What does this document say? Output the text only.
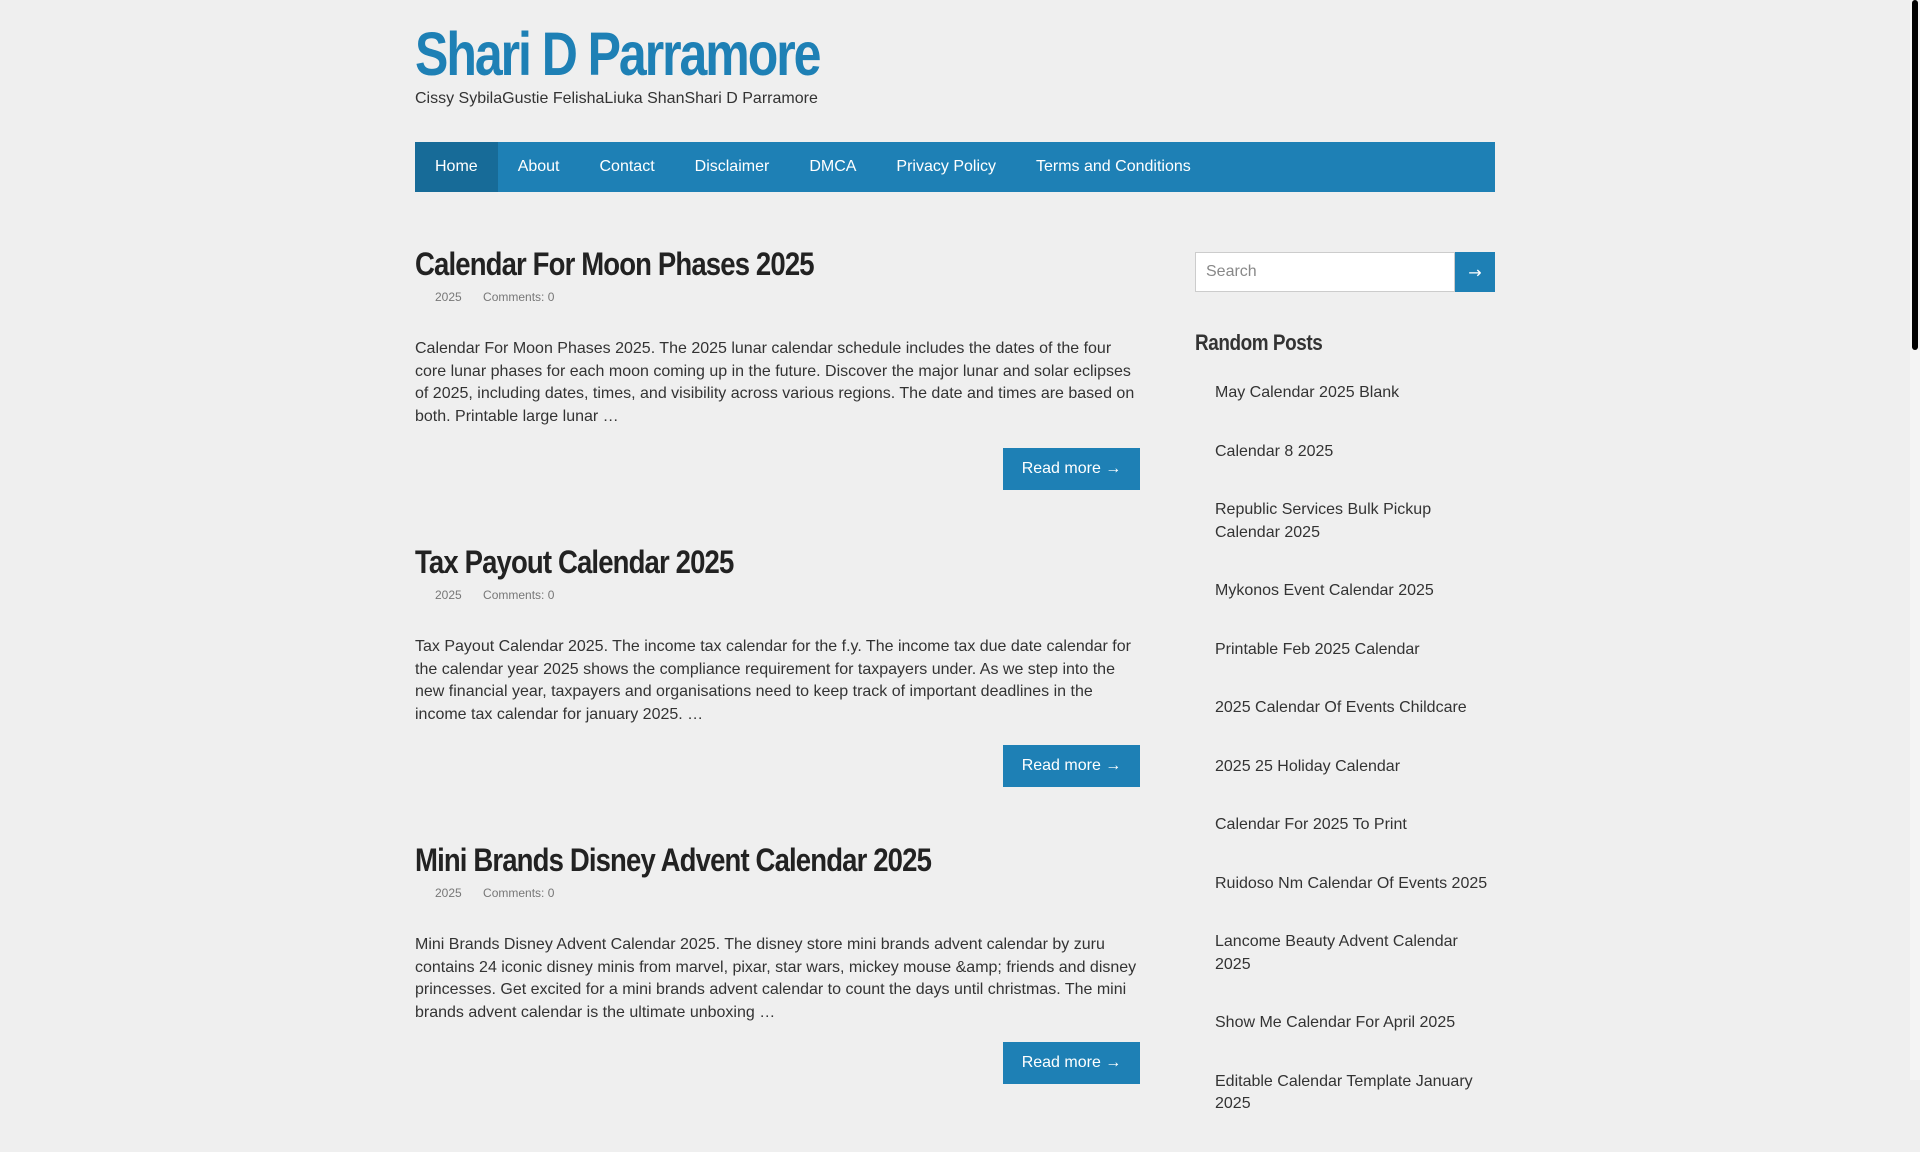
Shari D Parramore
Cissy SybilaGustie FelishaLiuka ShanShari D Parramore
Home	About	Contact	Disclaimer	DMCA	Privacy Policy	Terms and Conditions
Calendar For Moon Phases 2025
2025 Comments: 0

Calendar For Moon Phases 2025. The 2025 lunar calendar schedule includes the dates of the four core lunar phases for each moon coming up in the future. Discover the major lunar and solar eclipses of 2025, including dates, times, and visibility across various regions. The date and times are based on both. Printable large lunar …

Read more →
Tax Payout Calendar 2025
2025 Comments: 0

Tax Payout Calendar 2025. The income tax calendar for the f.y. The income tax due date calendar for the calendar year 2025 shows the compliance requirement for taxpayers under. As we step into the new financial year, taxpayers and organisations need to keep track of important deadlines in the income tax calendar for january 2025. …

Read more →
Mini Brands Disney Advent Calendar 2025
2025 Comments: 0

Mini Brands Disney Advent Calendar 2025. The disney store mini brands advent calendar by zuru contains 24 iconic disney minis from marvel, pixar, star wars, mickey mouse &amp; friends and disney princesses. Get excited for a mini brands advent calendar to count the days until christmas. The mini brands advent calendar is the ultimate unboxing …

Read more →
Search
→
Random Posts
May Calendar 2025 Blank
Calendar 8 2025
Republic Services Bulk Pickup Calendar 2025
Mykonos Event Calendar 2025
Printable Feb 2025 Calendar
2025 Calendar Of Events Childcare
2025 25 Holiday Calendar
Calendar For 2025 To Print
Ruidoso Nm Calendar Of Events 2025
Lancome Beauty Advent Calendar 2025
Show Me Calendar For April 2025
Editable Calendar Template January 2025
